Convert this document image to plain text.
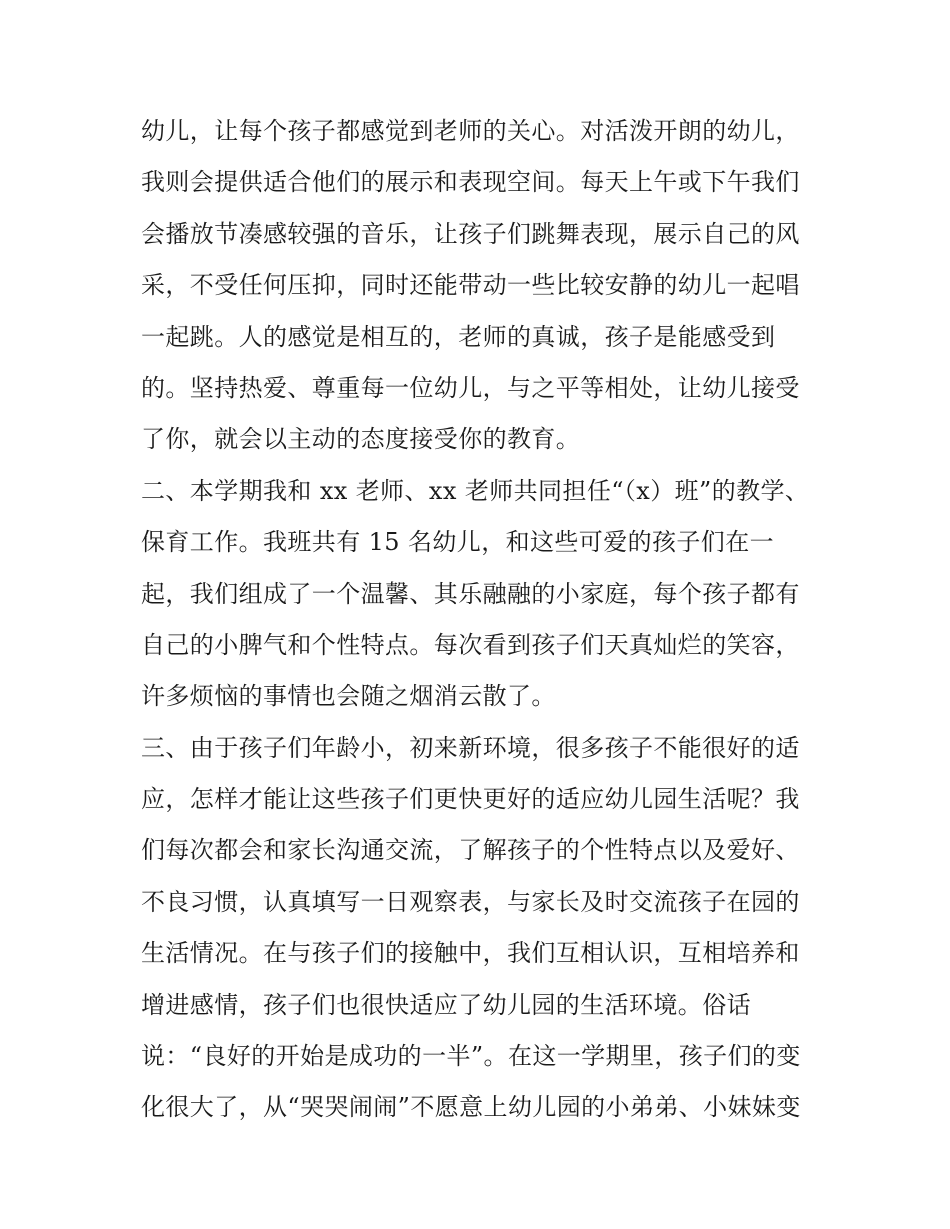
幼儿，让每个孩子都感觉到老师的关心。对活泼开朗的幼儿，
我则会提供适合他们的展示和表现空间。每天上午或下午我们
会播放节凑感较强的音乐，让孩子们跳舞表现，展示自己的风
采，不受任何压抑，同时还能带动一些比较安静的幼儿一起唱
一起跳。人的感觉是相互的，老师的真诚，孩子是能感受到
的。坚持热爱、尊重每一位幼儿，与之平等相处，让幼儿接受
了你，就会以主动的态度接受你的教育。
二、本学期我和 xx 老师、xx 老师共同担任“（x）班”的教学、
保育工作。我班共有 15 名幼儿，和这些可爱的孩子们在一
起，我们组成了一个温馨、其乐融融的小家庭，每个孩子都有
自己的小脾气和个性特点。每次看到孩子们天真灿烂的笑容，
许多烦恼的事情也会随之烟消云散了。
三、由于孩子们年龄小，初来新环境，很多孩子不能很好的适
应，怎样才能让这些孩子们更快更好的适应幼儿园生活呢？我
们每次都会和家长沟通交流，了解孩子的个性特点以及爱好、
不良习惯，认真填写一日观察表，与家长及时交流孩子在园的
生活情况。在与孩子们的接触中，我们互相认识，互相培养和
增进感情，孩子们也很快适应了幼儿园的生活环境。俗话
说：“良好的开始是成功的一半”。在这一学期里，孩子们的变
化很大了，从“哭哭闹闹”不愿意上幼儿园的小弟弟、小妹妹变
